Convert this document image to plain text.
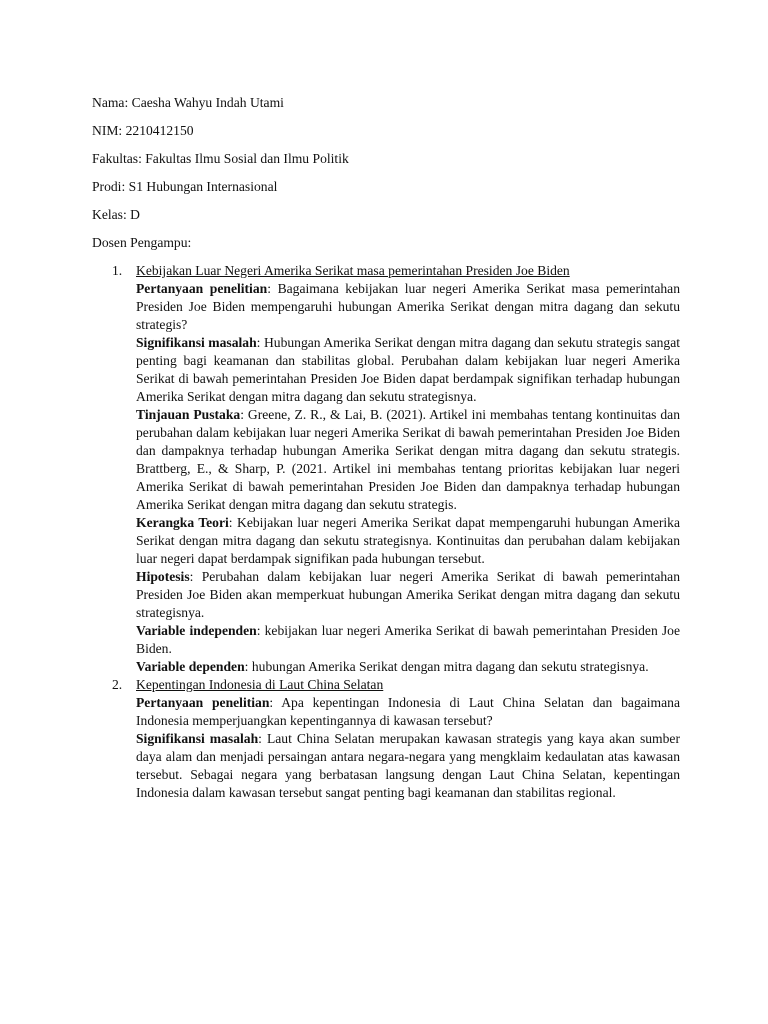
Nama: Caesha Wahyu Indah Utami

NIM: 2210412150

Fakultas: Fakultas Ilmu Sosial dan Ilmu Politik

Prodi: S1 Hubungan Internasional

Kelas: D

Dosen Pengampu:

1. Kebijakan Luar Negeri Amerika Serikat masa pemerintahan Presiden Joe Biden

Pertanyaan penelitian: Bagaimana kebijakan luar negeri Amerika Serikat masa pemerintahan Presiden Joe Biden mempengaruhi hubungan Amerika Serikat dengan mitra dagang dan sekutu strategis?

Signifikansi masalah: Hubungan Amerika Serikat dengan mitra dagang dan sekutu strategis sangat penting bagi keamanan dan stabilitas global. Perubahan dalam kebijakan luar negeri Amerika Serikat di bawah pemerintahan Presiden Joe Biden dapat berdampak signifikan terhadap hubungan Amerika Serikat dengan mitra dagang dan sekutu strategisnya.

Tinjauan Pustaka: Greene, Z. R., & Lai, B. (2021). Artikel ini membahas tentang kontinuitas dan perubahan dalam kebijakan luar negeri Amerika Serikat di bawah pemerintahan Presiden Joe Biden dan dampaknya terhadap hubungan Amerika Serikat dengan mitra dagang dan sekutu strategis. Brattberg, E., & Sharp, P. (2021. Artikel ini membahas tentang prioritas kebijakan luar negeri Amerika Serikat di bawah pemerintahan Presiden Joe Biden dan dampaknya terhadap hubungan Amerika Serikat dengan mitra dagang dan sekutu strategis.

Kerangka Teori: Kebijakan luar negeri Amerika Serikat dapat mempengaruhi hubungan Amerika Serikat dengan mitra dagang dan sekutu strategisnya. Kontinuitas dan perubahan dalam kebijakan luar negeri dapat berdampak signifikan pada hubungan tersebut.

Hipotesis: Perubahan dalam kebijakan luar negeri Amerika Serikat di bawah pemerintahan Presiden Joe Biden akan memperkuat hubungan Amerika Serikat dengan mitra dagang dan sekutu strategisnya.

Variable independen: kebijakan luar negeri Amerika Serikat di bawah pemerintahan Presiden Joe Biden.

Variable dependen: hubungan Amerika Serikat dengan mitra dagang dan sekutu strategisnya.

2. Kepentingan Indonesia di Laut China Selatan

Pertanyaan penelitian: Apa kepentingan Indonesia di Laut China Selatan dan bagaimana Indonesia memperjuangkan kepentingannya di kawasan tersebut?

Signifikansi masalah: Laut China Selatan merupakan kawasan strategis yang kaya akan sumber daya alam dan menjadi persaingan antara negara-negara yang mengklaim kedaulatan atas kawasan tersebut. Sebagai negara yang berbatasan langsung dengan Laut China Selatan, kepentingan Indonesia dalam kawasan tersebut sangat penting bagi keamanan dan stabilitas regional.
